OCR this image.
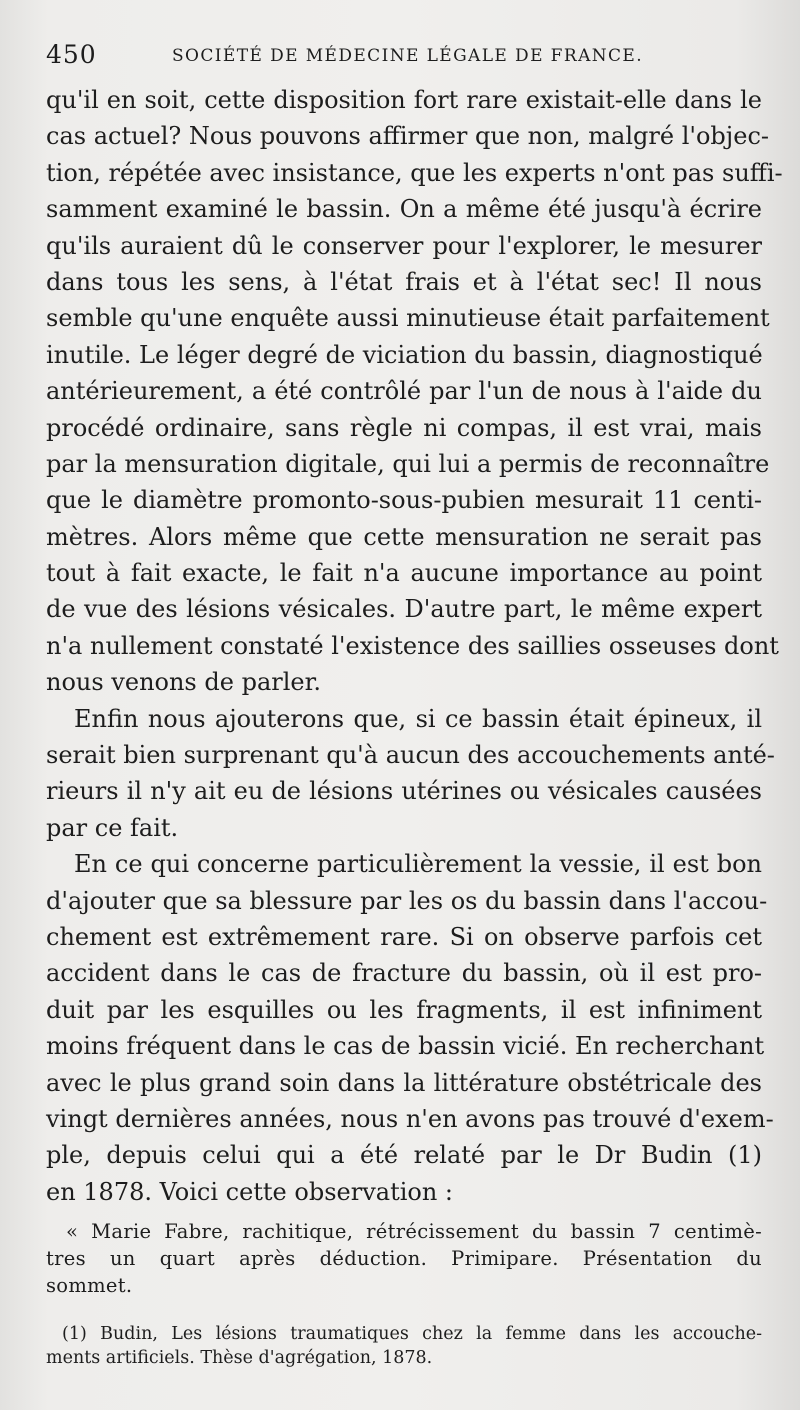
450	SOCIÉTÉ DE MÉDECINE LÉGALE DE FRANCE.
qu'il en soit, cette disposition fort rare existait-elle dans le
cas actuel? Nous pouvons affirmer que non, malgré l'objec-
tion, répétée avec insistance, que les experts n'ont pas suffi-
samment examiné le bassin. On a même été jusqu'à écrire
qu'ils auraient dû le conserver pour l'explorer, le mesurer
dans tous les sens, à l'état frais et à l'état sec! Il nous
semble qu'une enquête aussi minutieuse était parfaitement
inutile. Le léger degré de viciation du bassin, diagnostiqué
antérieurement, a été contrôlé par l'un de nous à l'aide du
procédé ordinaire, sans règle ni compas, il est vrai, mais
par la mensuration digitale, qui lui a permis de reconnaître
que le diamètre promonto-sous-pubien mesurait 11 centi-
mètres. Alors même que cette mensuration ne serait pas
tout à fait exacte, le fait n'a aucune importance au point
de vue des lésions vésicales. D'autre part, le même expert
n'a nullement constaté l'existence des saillies osseuses dont
nous venons de parler.
Enfin nous ajouterons que, si ce bassin était épineux, il
serait bien surprenant qu'à aucun des accouchements anté-
rieurs il n'y ait eu de lésions utérines ou vésicales causées
par ce fait.
En ce qui concerne particulièrement la vessie, il est bon
d'ajouter que sa blessure par les os du bassin dans l'accou-
chement est extrêmement rare. Si on observe parfois cet
accident dans le cas de fracture du bassin, où il est pro-
duit par les esquilles ou les fragments, il est infiniment
moins fréquent dans le cas de bassin vicié. En recherchant
avec le plus grand soin dans la littérature obstétricale des
vingt dernières années, nous n'en avons pas trouvé d'exem-
ple, depuis celui qui a été relaté par le Dr Budin (1)
en 1878. Voici cette observation :
« Marie Fabre, rachitique, rétrécissement du bassin 7 centimè-
tres un quart après déduction. Primipare. Présentation du
sommet.
(1) Budin, Les lésions traumatiques chez la femme dans les accouche-
ments artificiels. Thèse d'agrégation, 1878.
